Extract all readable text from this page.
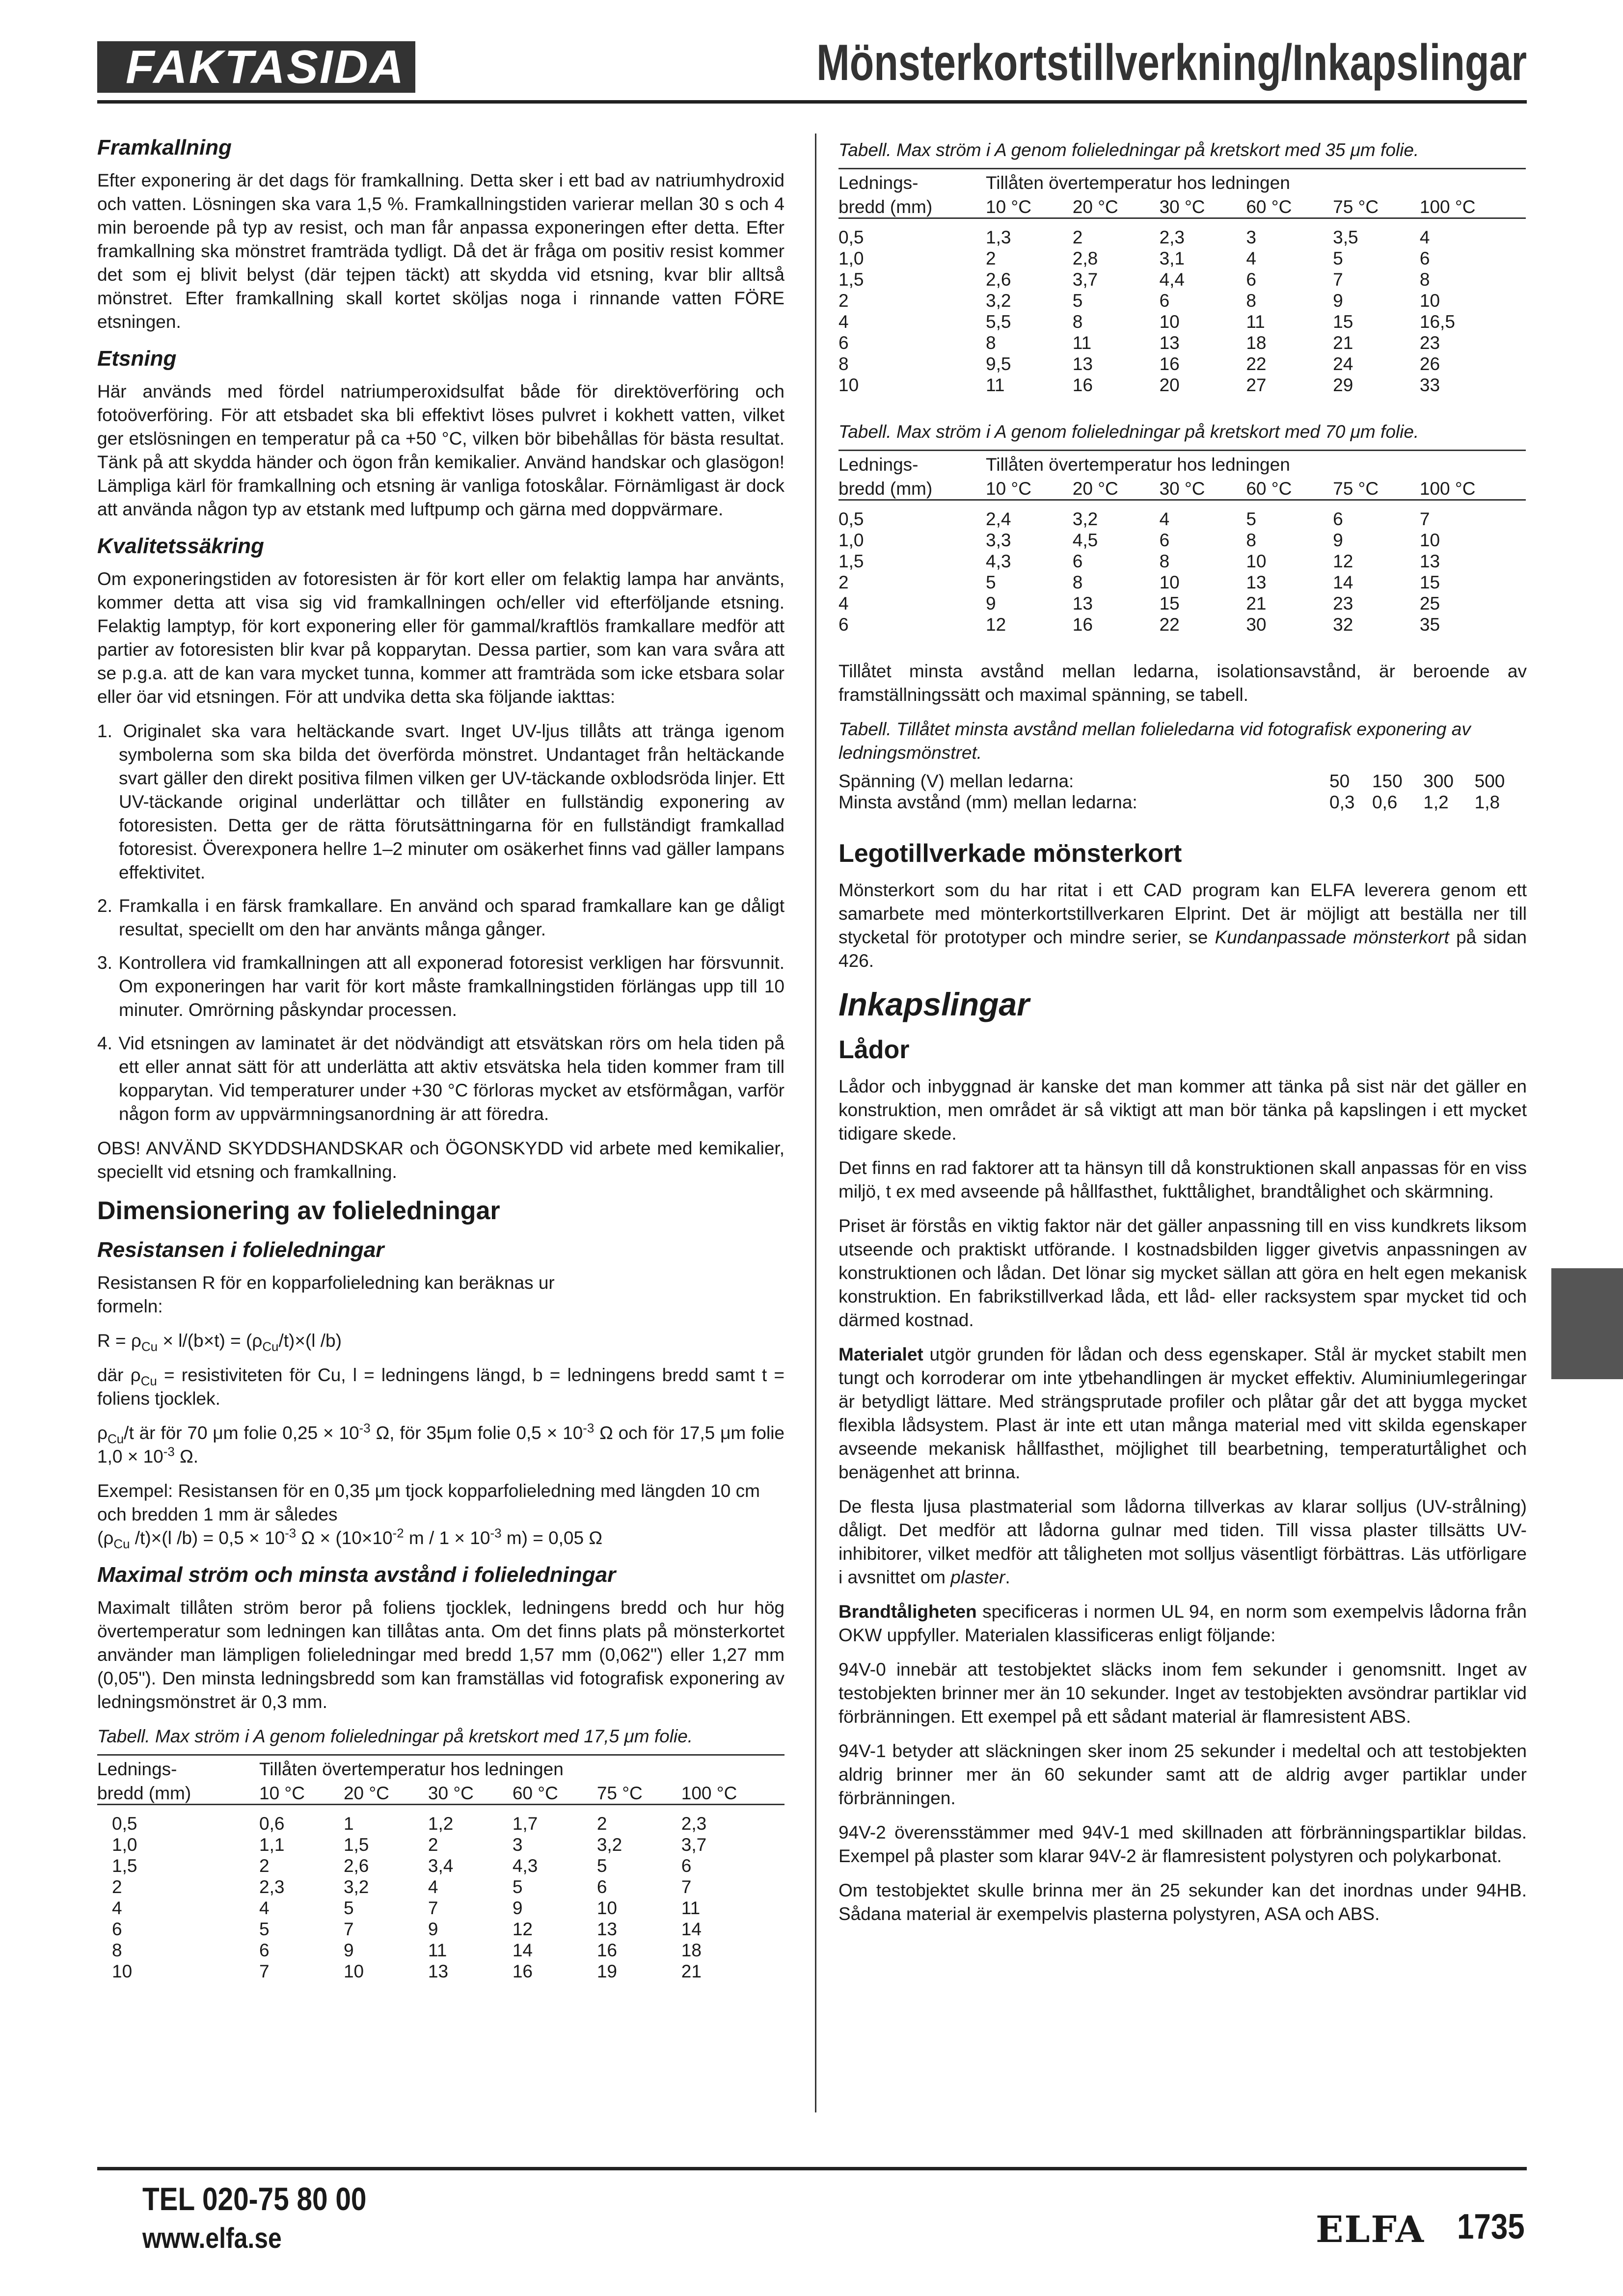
FAKTASIDA	Mönsterkortstillverkning/Inkapslingar
Framkallning

Efter exponering är det dags för framkallning. Detta sker i ett bad av natriumhydroxid och vatten. Lösningen ska vara 1,5 %. Framkallningstiden varierar mellan 30 s och 4 min beroende på typ av resist, och man får anpassa exponeringen efter detta. Efter framkallning ska mönstret framträda tydligt. Då det är fråga om positiv resist kommer det som ej blivit belyst (där tejpen täckt) att skydda vid etsning, kvar blir alltså mönstret. Efter framkallning skall kortet sköljas noga i rinnande vatten FÖRE etsningen.

Etsning

Här används med fördel natriumperoxidsulfat både för direktöverföring och fotoöverföring. För att etsbadet ska bli effektivt löses pulvret i kokhett vatten, vilket ger etslösningen en temperatur på ca +50 °C, vilken bör bibehållas för bästa resultat. Tänk på att skydda händer och ögon från kemikalier. Använd handskar och glasögon! Lämpliga kärl för framkallning och etsning är vanliga fotoskålar. Förnämligast är dock att använda någon typ av etstank med luftpump och gärna med doppvärmare.

Kvalitetssäkring

Om exponeringstiden av fotoresisten är för kort eller om felaktig lampa har använts, kommer detta att visa sig vid framkallningen och/eller vid efterföljande etsning. Felaktig lamptyp, för kort exponering eller för gammal/kraftlös framkallare medför att partier av fotoresisten blir kvar på kopparytan. Dessa partier, som kan vara svåra att se p.g.a. att de kan vara mycket tunna, kommer att framträda som icke etsbara solar eller öar vid etsningen. För att undvika detta ska följande iakttas:

1. Originalet ska vara heltäckande svart. Inget UV-ljus tillåts att tränga igenom symbolerna som ska bilda det överförda mönstret. Undantaget från heltäckande svart gäller den direkt positiva filmen vilken ger UV-täckande oxblodsröda linjer. Ett UV-täckande original underlättar och tillåter en fullständig exponering av fotoresisten. Detta ger de rätta förutsättningarna för en fullständigt framkallad fotoresist. Överexponera hellre 1–2 minuter om osäkerhet finns vad gäller lampans effektivitet.
2. Framkalla i en färsk framkallare. En använd och sparad framkallare kan ge dåligt resultat, speciellt om den har använts många gånger.
3. Kontrollera vid framkallningen att all exponerad fotoresist verkligen har försvunnit. Om exponeringen har varit för kort måste framkallningstiden förlängas upp till 10 minuter. Omrörning påskyndar processen.
4. Vid etsningen av laminatet är det nödvändigt att etsvätskan rörs om hela tiden på ett eller annat sätt för att underlätta att aktiv etsvätska hela tiden kommer fram till kopparytan. Vid temperaturer under +30 °C förloras mycket av etsförmågan, varför någon form av uppvärmningsanordning är att föredra.

OBS! ANVÄND SKYDDSHANDSKAR och ÖGONSKYDD vid arbete med kemikalier, speciellt vid etsning och framkallning.

Dimensionering av folieledningar
Resistansen i folieledningar

Resistansen R för en kopparfolieledning kan beräknas ur formeln:

$R = \rho_{Cu} \times l/(b\times t) = (\rho_{Cu}/t)\times(l$ /b)

där $\rho_{Cu}$ = resistiviteten för Cu, l = ledningens längd, b = ledningens bredd samt t = foliens tjocklek.

$\rho_{Cu}/t$ är för 70 μm folie $0,25 \times 10^{-3}$ Ω, för 35μm folie $0,5 \times 10^{-3}$ Ω och för 17,5 μm folie $1,0 \times 10^{-3}$ Ω.

Exempel: Resistansen för en 0,35 μm tjock kopparfolieledning med längden 10 cm och bredden 1 mm är således
($\rho_{Cu}$ /t)×(l $/b) = 0,5 \times 10^{-3}$ $\Omega \times (10\times 10^{-2}$ $m / 1 \times 10^{-3}$ m) = 0,05 Ω

Maximal ström och minsta avstånd i folieledningar

Maximalt tillåten ström beror på foliens tjocklek, ledningens bredd och hur hög övertemperatur som ledningen kan tillåtas anta. Om det finns plats på mönsterkortet använder man lämpligen folieledningar med bredd 1,57 mm (0,062") eller 1,27 mm (0,05"). Den minsta ledningsbredd som kan framställas vid fotografisk exponering av ledningsmönstret är 0,3 mm.

Tabell. Max ström i A genom folieledningar på kretskort med 17,5 μm folie.

Lednings-	Tillåten övertemperatur hos ledningen					
bredd (mm)	10 °C	20 °C	30 °C	60 °C	75 °C	100 °C
0,5	0,6	1	1,2	1,7	2	2,3
1,0	1,1	1,5	2	3	3,2	3,7
1,5	2	2,6	3,4	4,3	5	6
2	2,3	3,2	4	5	6	7
4	4	5	7	9	10	11
6	5	7	9	12	13	14
8	6	9	11	14	16	18
10	7	10	13	16	19	21

Tabell. Max ström i A genom folieledningar på kretskort med 35 μm folie.

Lednings-	Tillåten övertemperatur hos ledningen					
bredd (mm)	10 °C	20 °C	30 °C	60 °C	75 °C	100 °C
0,5	1,3	2	2,3	3	3,5	4
1,0	2	2,8	3,1	4	5	6
1,5	2,6	3,7	4,4	6	7	8
2	3,2	5	6	8	9	10
4	5,5	8	10	11	15	16,5
6	8	11	13	18	21	23
8	9,5	13	16	22	24	26
10	11	16	20	27	29	33

Tabell. Max ström i A genom folieledningar på kretskort med 70 μm folie.

Lednings-	Tillåten övertemperatur hos ledningen					
bredd (mm)	10 °C	20 °C	30 °C	60 °C	75 °C	100 °C
0,5	2,4	3,2	4	5	6	7
1,0	3,3	4,5	6	8	9	10
1,5	4,3	6	8	10	12	13
2	5	8	10	13	14	15
4	9	13	15	21	23	25
6	12	16	22	30	32	35

Tillåtet minsta avstånd mellan ledarna, isolationsavstånd, är beroende av framställningssätt och maximal spänning, se tabell.

Tabell. Tillåtet minsta avstånd mellan folieledarna vid fotografisk exponering av ledningsmönstret.

Spänning (V) mellan ledarna:	50	150	300	500
Minsta avstånd (mm) mellan ledarna:	0,3	0,6	1,2	1,8
Legotillverkade mönsterkort

Mönsterkort som du har ritat i ett CAD program kan ELFA leverera genom ett samarbete med mönterkortstillverkaren Elprint. Det är möjligt att beställa ner till stycketal för prototyper och mindre serier, se Kundanpassade mönsterkort på sidan 426.

Inkapslingar
Lådor

Lådor och inbyggnad är kanske det man kommer att tänka på sist när det gäller en konstruktion, men området är så viktigt att man bör tänka på kapslingen i ett mycket tidigare skede.

Det finns en rad faktorer att ta hänsyn till då konstruktionen skall anpassas för en viss miljö, t ex med avseende på hållfasthet, fukttålighet, brandtålighet och skärmning.

Priset är förstås en viktig faktor när det gäller anpassning till en viss kundkrets liksom utseende och praktiskt utförande. I kostnadsbilden ligger givetvis anpassningen av konstruktionen och lådan. Det lönar sig mycket sällan att göra en helt egen mekanisk konstruktion. En fabrikstillverkad låda, ett låd- eller racksystem spar mycket tid och därmed kostnad.

Materialet utgör grunden för lådan och dess egenskaper. Stål är mycket stabilt men tungt och korroderar om inte ytbehandlingen är mycket effektiv. Aluminiumlegeringar är betydligt lättare. Med strängsprutade profiler och plåtar går det att bygga mycket flexibla lådsystem. Plast är inte ett utan många material med vitt skilda egenskaper avseende mekanisk hållfasthet, möjlighet till bearbetning, temperaturtålighet och benägenhet att brinna.

De flesta ljusa plastmaterial som lådorna tillverkas av klarar solljus (UV-strålning) dåligt. Det medför att lådorna gulnar med tiden. Till vissa plaster tillsätts UV-inhibitorer, vilket medför att tåligheten mot solljus väsentligt förbättras. Läs utförligare i avsnittet om plaster.

Brandtåligheten specificeras i normen UL 94, en norm som exempelvis lådorna från OKW uppfyller. Materialen klassificeras enligt följande:

94V-0 innebär att testobjektet släcks inom fem sekunder i genomsnitt. Inget av testobjekten brinner mer än 10 sekunder. Inget av testobjekten avsöndrar partiklar vid förbränningen. Ett exempel på ett sådant material är flamresistent ABS.

94V-1 betyder att släckningen sker inom 25 sekunder i medeltal och att testobjekten aldrig brinner mer än 60 sekunder samt att de aldrig avger partiklar under förbränningen.

94V-2 överensstämmer med 94V-1 med skillnaden att förbränningspartiklar bildas. Exempel på plaster som klarar 94V-2 är flamresistent polystyren och polykarbonat.

Om testobjektet skulle brinna mer än 25 sekunder kan det inordnas under 94HB. Sådana material är exempelvis plasterna polystyren, ASA och ABS.

TEL 020-75 80 00
www.elfa.se	ELFA 1735
